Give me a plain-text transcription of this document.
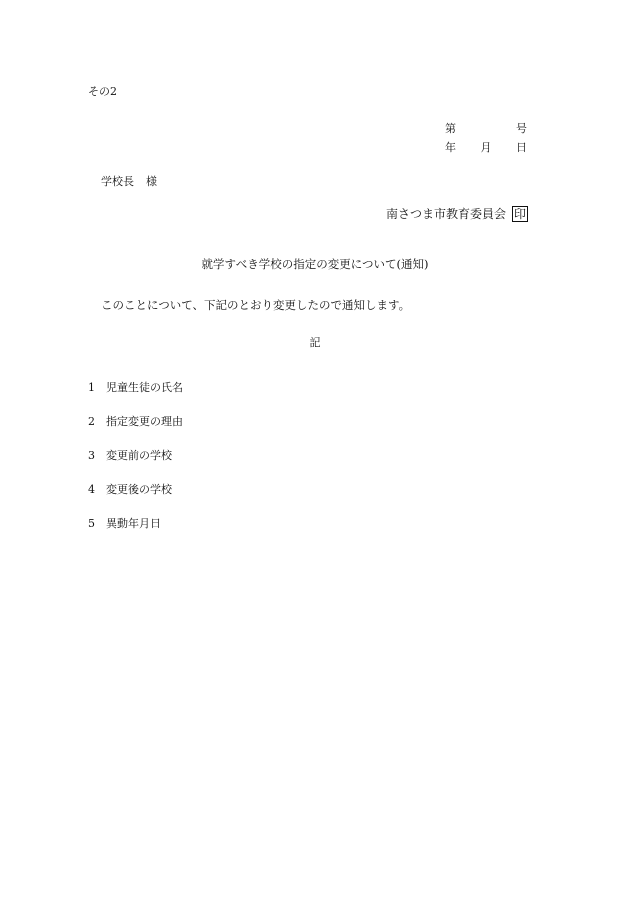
その2
第	号
年 月 日
学校長 様
南さつま市教育委員会 印
就学すべき学校の指定の変更について(通知)
このことについて、下記のとおり変更したので通知します。
記
1 児童生徒の氏名
2 指定変更の理由
3 変更前の学校
4 変更後の学校
5 異動年月日
